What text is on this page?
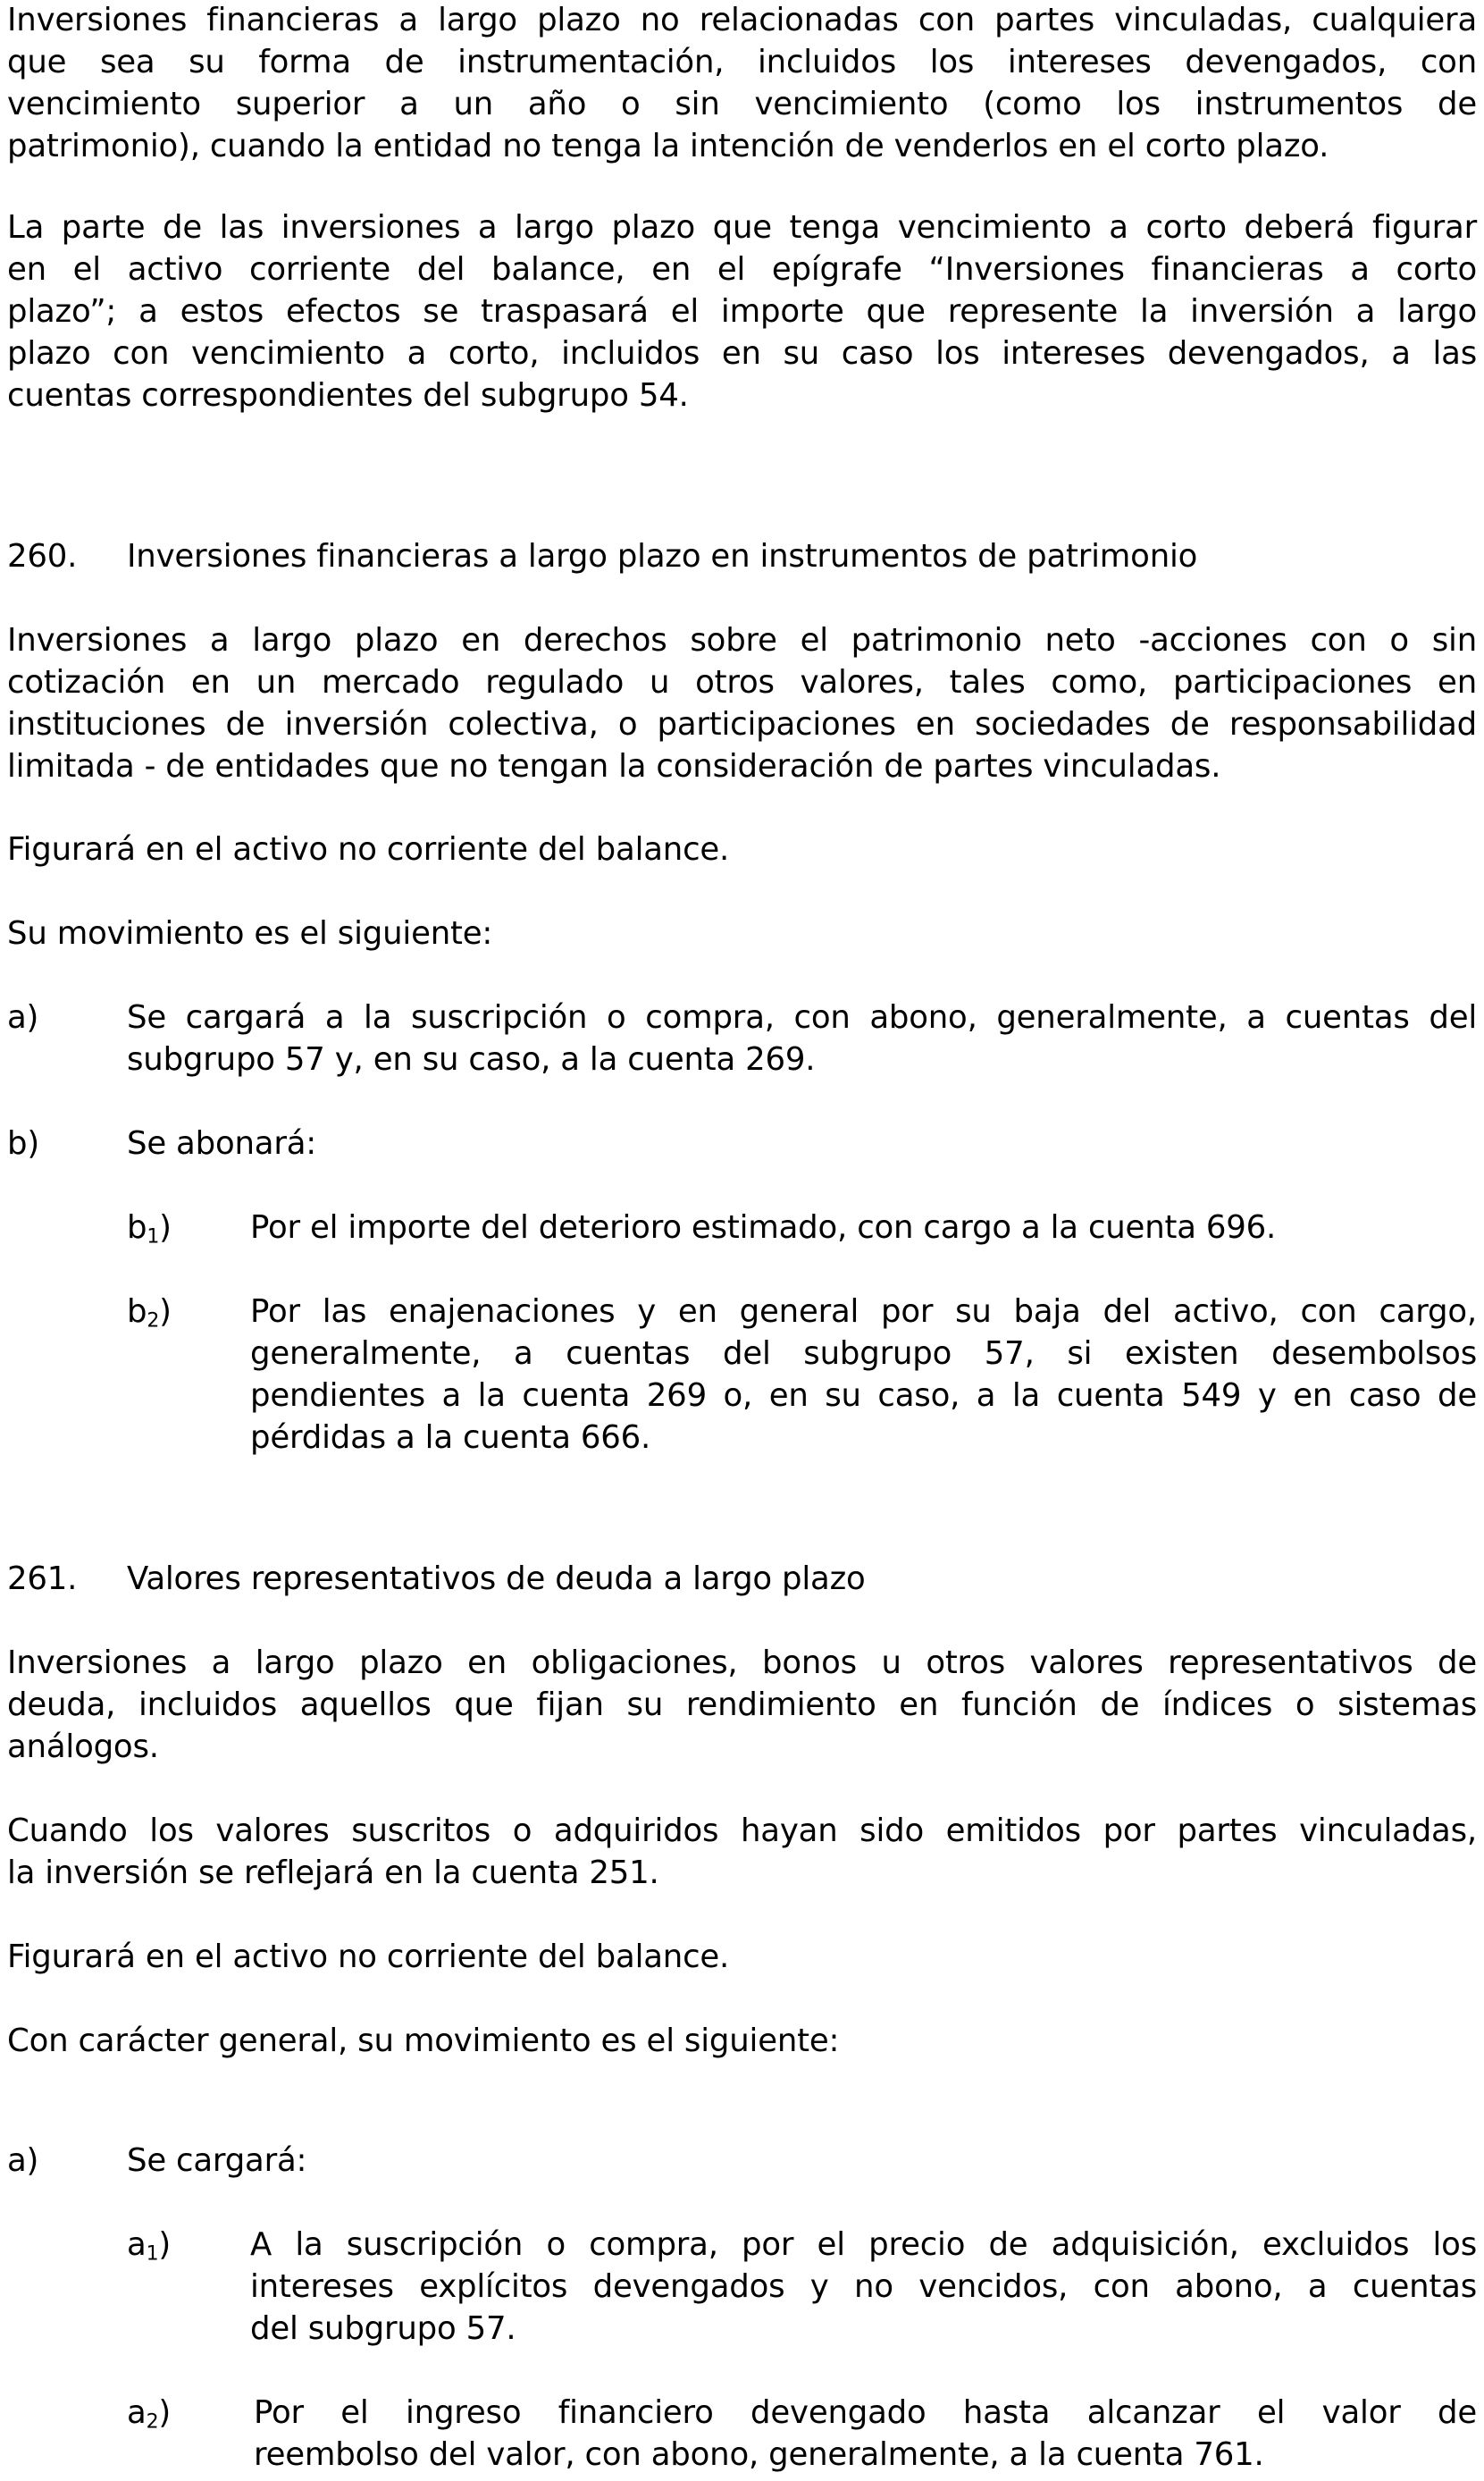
Inversiones financieras a largo plazo no relacionadas con partes vinculadas, cualquiera
que sea su forma de instrumentación, incluidos los intereses devengados, con
vencimiento superior a un año o sin vencimiento (como los instrumentos de
patrimonio), cuando la entidad no tenga la intención de venderlos en el corto plazo.
La parte de las inversiones a largo plazo que tenga vencimiento a corto deberá figurar
en el activo corriente del balance, en el epígrafe “Inversiones financieras a corto
plazo”; a estos efectos se traspasará el importe que represente la inversión a largo
plazo con vencimiento a corto, incluidos en su caso los intereses devengados, a las
cuentas correspondientes del subgrupo 54.
260. Inversiones financieras a largo plazo en instrumentos de patrimonio
Inversiones a largo plazo en derechos sobre el patrimonio neto -acciones con o sin
cotización en un mercado regulado u otros valores, tales como, participaciones en
instituciones de inversión colectiva, o participaciones en sociedades de responsabilidad
limitada - de entidades que no tengan la consideración de partes vinculadas.
Figurará en el activo no corriente del balance.
Su movimiento es el siguiente:
a)	Se cargará a la suscripción o compra, con abono, generalmente, a cuentas del
subgrupo 57 y, en su caso, a la cuenta 269.
b)	Se abonará:
$b_1$) Por el importe del deterioro estimado, con cargo a la cuenta 696.
$b_2$) Por las enajenaciones y en general por su baja del activo, con cargo,
generalmente, a cuentas del subgrupo 57, si existen desembolsos
pendientes a la cuenta 269 o, en su caso, a la cuenta 549 y en caso de
pérdidas a la cuenta 666.
261. Valores representativos de deuda a largo plazo
Inversiones a largo plazo en obligaciones, bonos u otros valores representativos de
deuda, incluidos aquellos que fijan su rendimiento en función de índices o sistemas
análogos.
Cuando los valores suscritos o adquiridos hayan sido emitidos por partes vinculadas,
la inversión se reflejará en la cuenta 251.
Figurará en el activo no corriente del balance.
Con carácter general, su movimiento es el siguiente:
a)	Se cargará:
$a_1$)	A la suscripción o compra, por el precio de adquisición, excluidos los
intereses explícitos devengados y no vencidos, con abono, a cuentas
del subgrupo 57.
$a_2$)	Por el ingreso financiero devengado hasta alcanzar el valor de
reembolso del valor, con abono, generalmente, a la cuenta 761.
